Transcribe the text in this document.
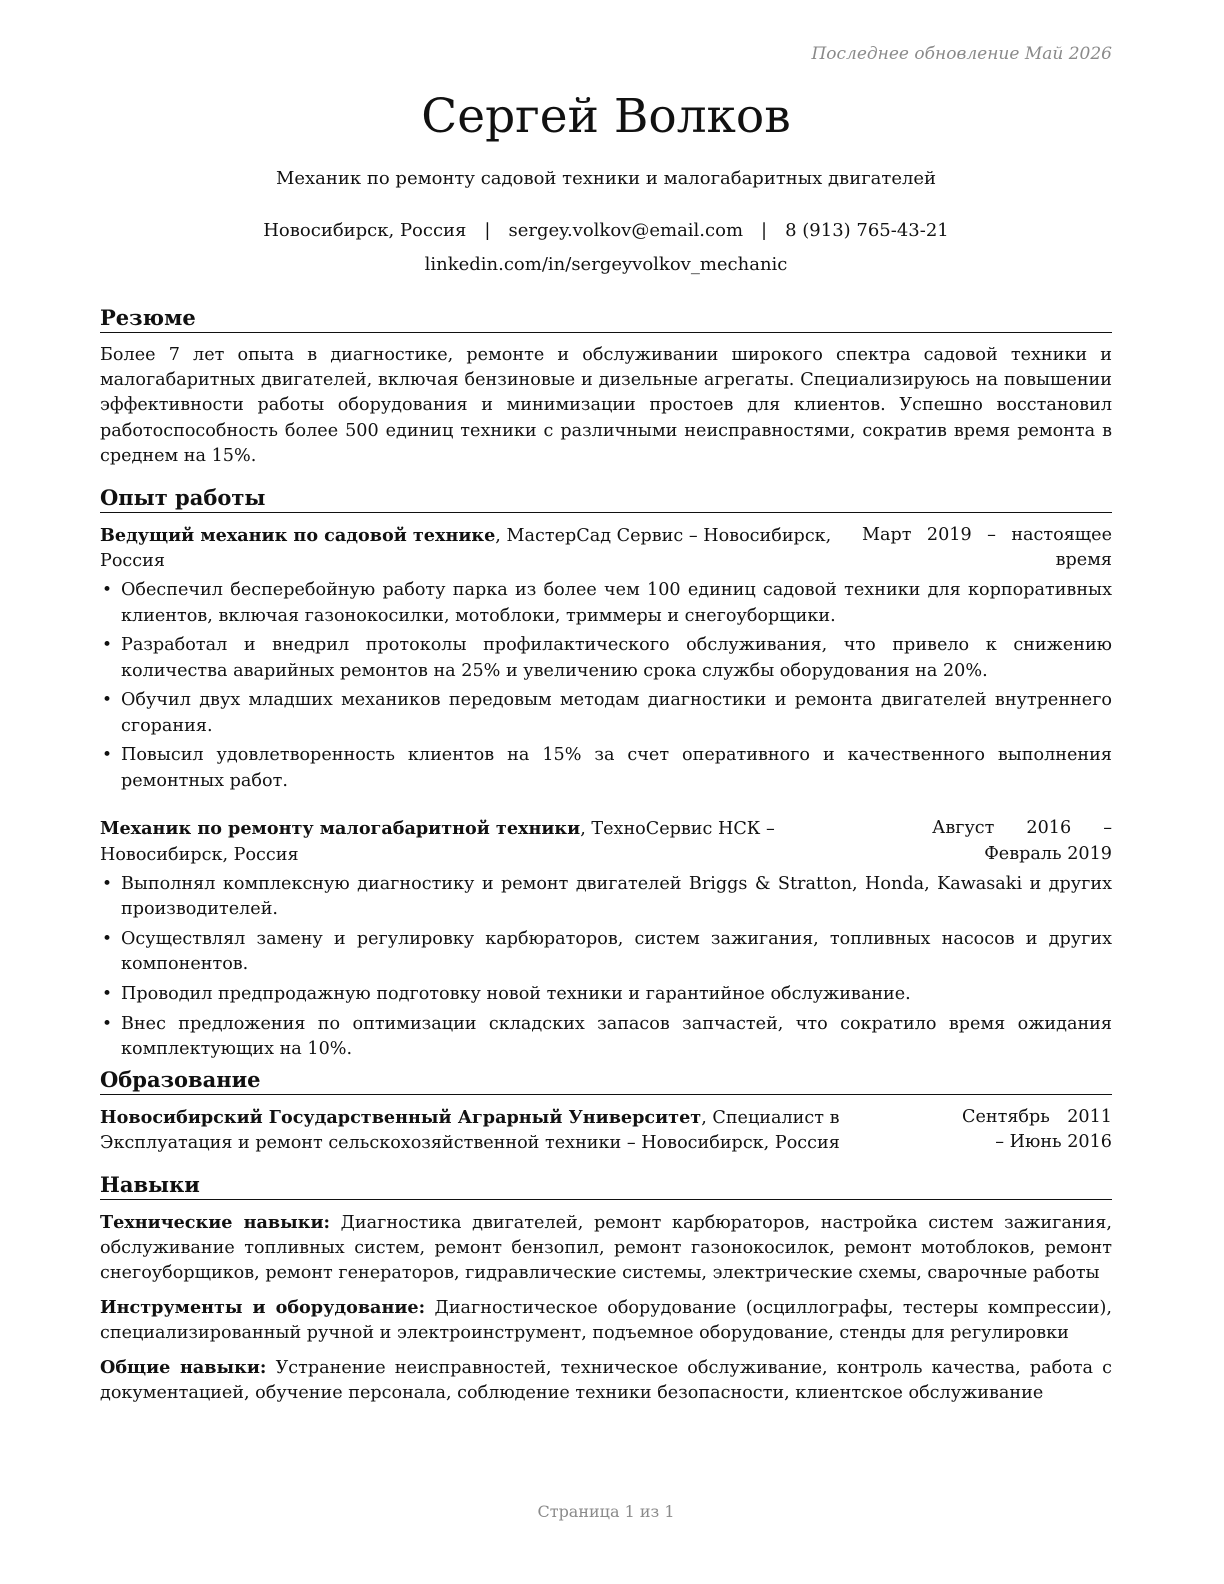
Последнее обновление Май 2026
Сергей Волков
Механик по ремонту садовой техники и малогабаритных двигателей
Новосибирск, Россия | sergey.volkov@email.com | 8 (913) 765-43-21
linkedin.com/in/sergeyvolkov_mechanic
Резюме

Более 7 лет опыта в диагностике, ремонте и обслуживании широкого спектра садовой техники и малогабаритных двигателей, включая бензиновые и дизельные агрегаты. Специализируюсь на повышении эффективности работы оборудования и минимизации простоев для клиентов. Успешно восстановил работоспособность более 500 единиц техники с различными неисправностями, сократив время ремонта в среднем на 15%.

Опыт работы
Ведущий механик по садовой технике, МастерСад Сервис – Новосибирск, Россия
Март 2019 – настоящее время
• Обеспечил бесперебойную работу парка из более чем 100 единиц садовой техники для корпоративных клиентов, включая газонокосилки, мотоблоки, триммеры и снегоуборщики.
• Разработал и внедрил протоколы профилактического обслуживания, что привело к снижению количества аварийных ремонтов на 25% и увеличению срока службы оборудования на 20%.
• Обучил двух младших механиков передовым методам диагностики и ремонта двигателей внутреннего сгорания.
• Повысил удовлетворенность клиентов на 15% за счет оперативного и качественного выполнения ремонтных работ.
Механик по ремонту малогабаритной техники, ТехноСервис НСК – Новосибирск, Россия
Август 2016 – Февраль 2019
• Выполнял комплексную диагностику и ремонт двигателей Briggs & Stratton, Honda, Kawasaki и других производителей.
• Осуществлял замену и регулировку карбюраторов, систем зажигания, топливных насосов и других компонентов.
• Проводил предпродажную подготовку новой техники и гарантийное обслуживание.
• Внес предложения по оптимизации складских запасов запчастей, что сократило время ожидания комплектующих на 10%.
Образование
Новосибирский Государственный Аграрный Университет, Специалист в Эксплуатация и ремонт сельскохозяйственной техники – Новосибирск, Россия
Сентябрь 2011 – Июнь 2016
Навыки

Технические навыки: Диагностика двигателей, ремонт карбюраторов, настройка систем зажигания, обслуживание топливных систем, ремонт бензопил, ремонт газонокосилок, ремонт мотоблоков, ремонт снегоуборщиков, ремонт генераторов, гидравлические системы, электрические схемы, сварочные работы

Инструменты и оборудование: Диагностическое оборудование (осциллографы, тестеры компрессии), специализированный ручной и электроинструмент, подъемное оборудование, стенды для регулировки

Общие навыки: Устранение неисправностей, техническое обслуживание, контроль качества, работа с документацией, обучение персонала, соблюдение техники безопасности, клиентское обслуживание

Страница 1 из 1
